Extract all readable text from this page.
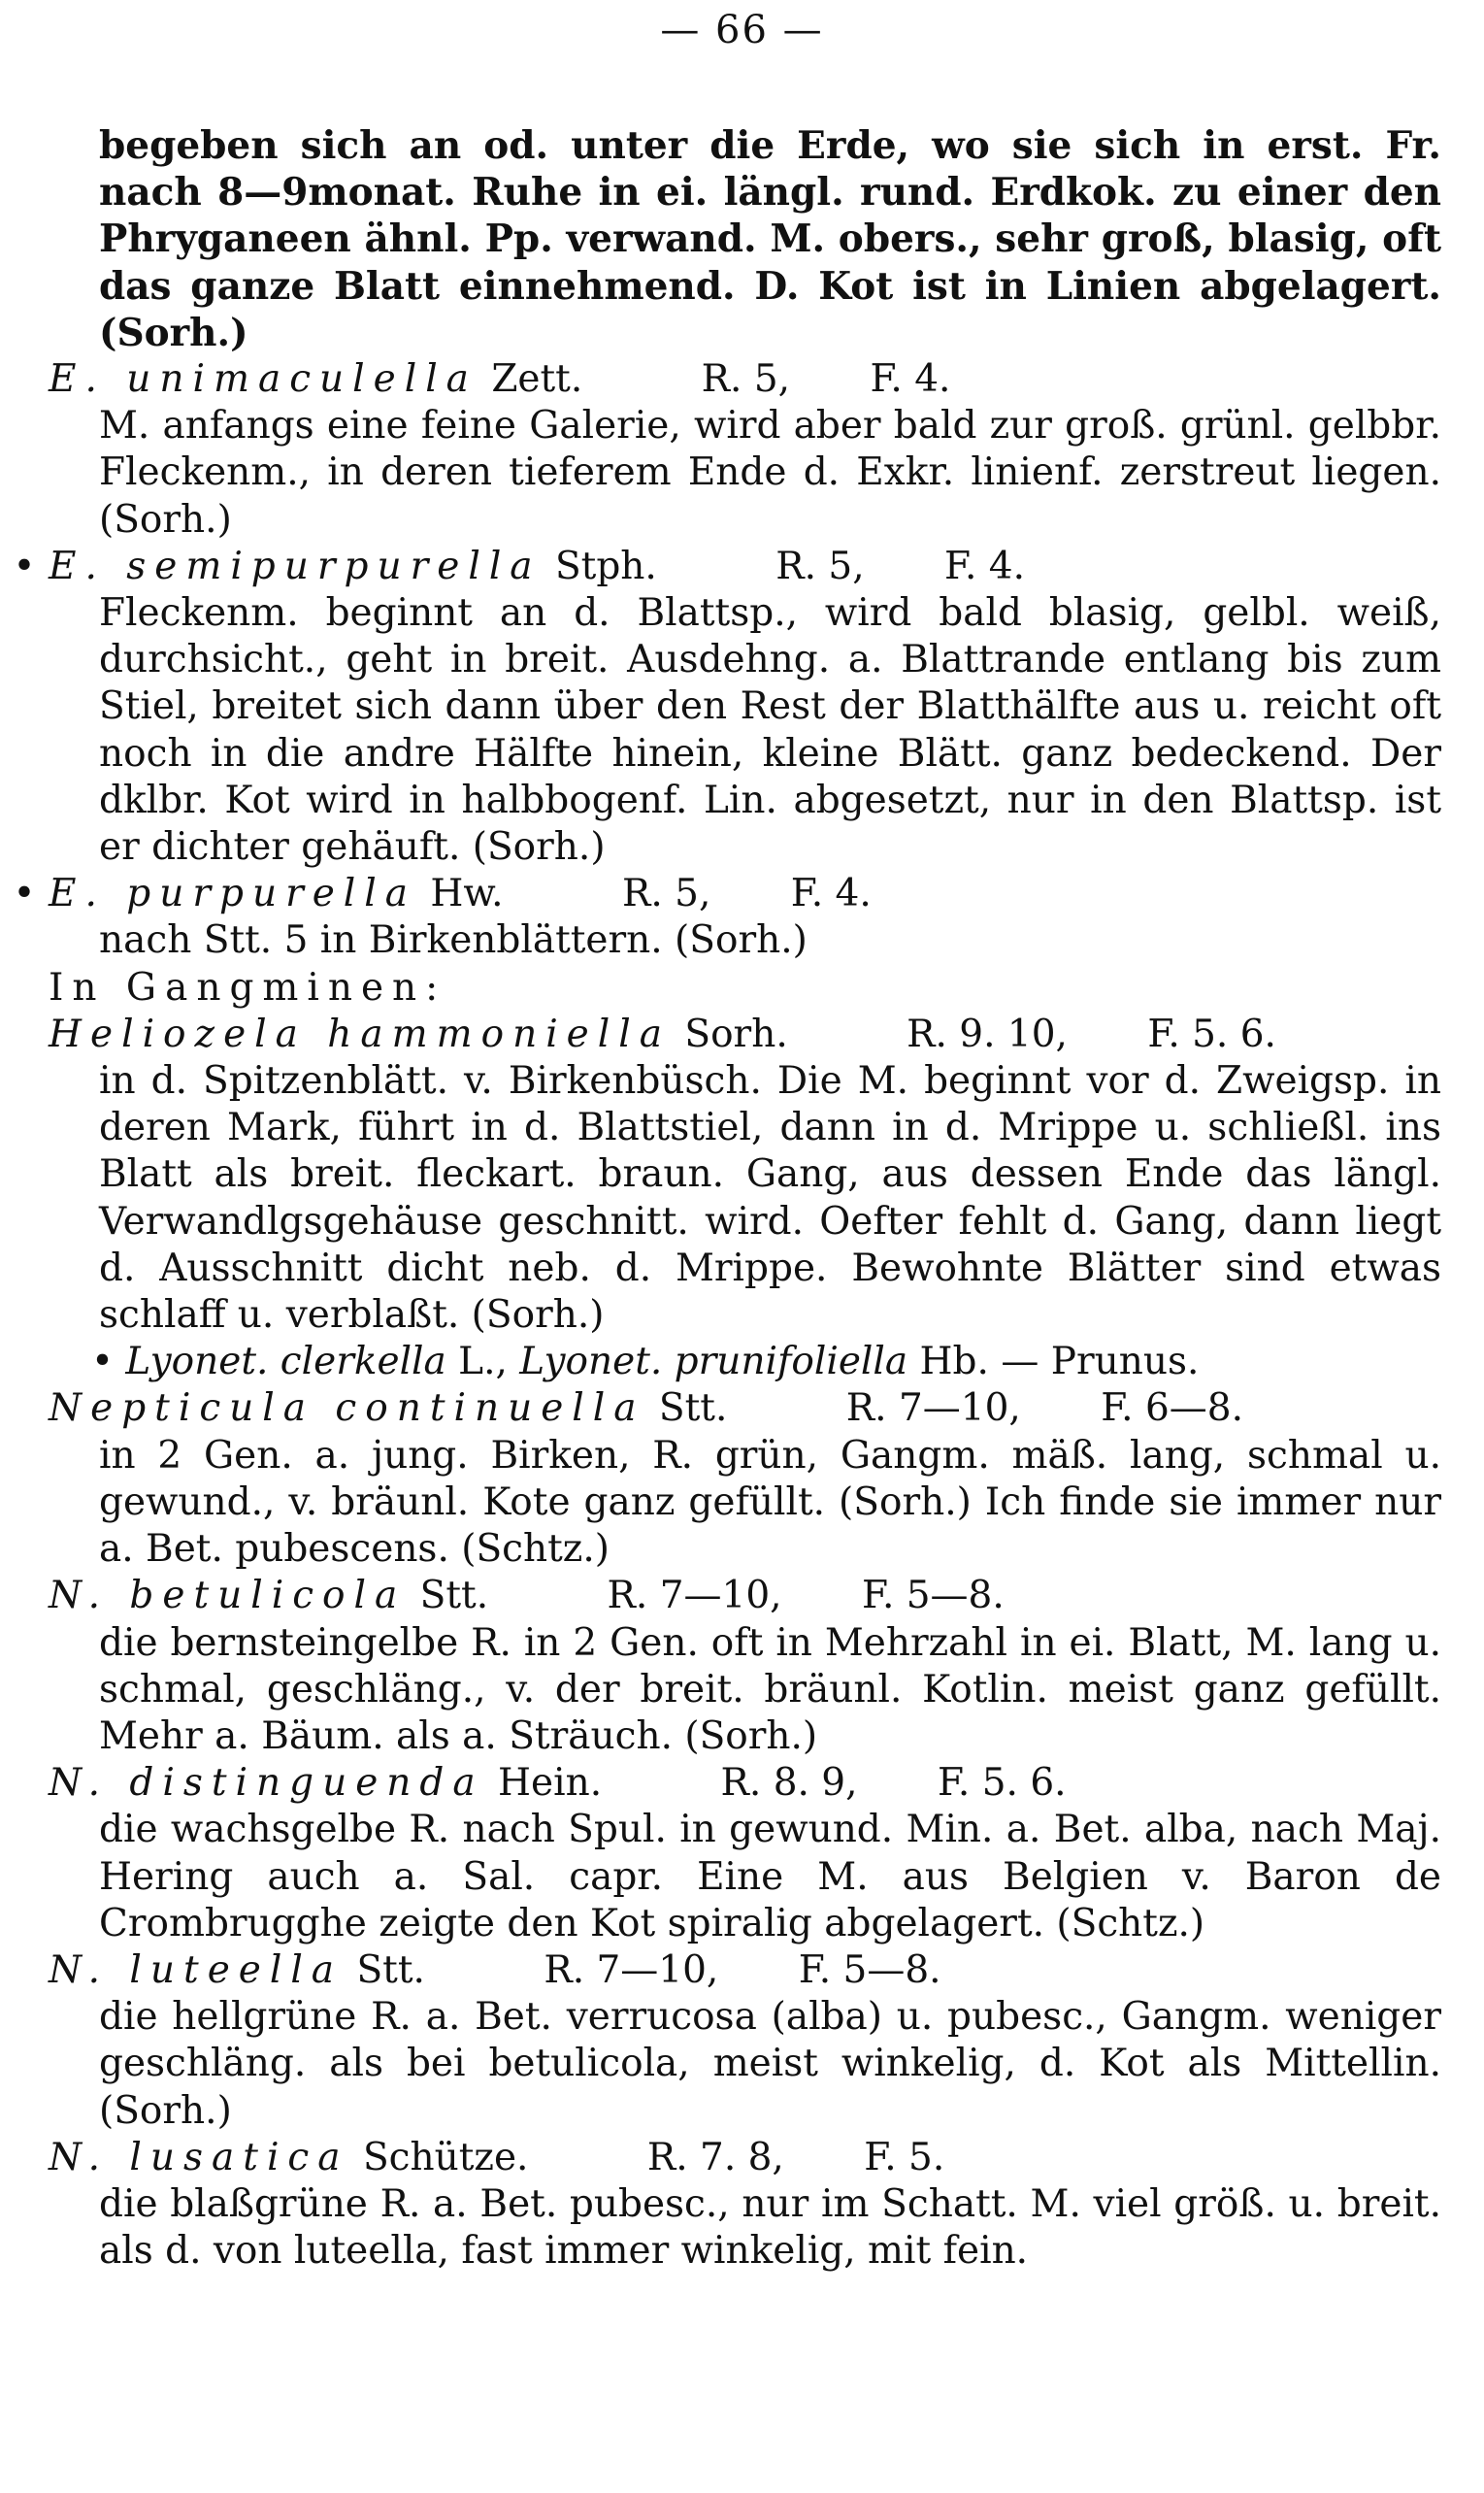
— 66 —
begeben sich an od. unter die Erde, wo sie sich in erst. Fr. nach 8—9monat. Ruhe in ei. längl. rund. Erdkok. zu einer den Phryganeen ähnl. Pp. verwand. M. obers., sehr groß, blasig, oft das ganze Blatt einnehmend. D. Kot ist in Linien abgelagert. (Sorh.)
E. unimaculella Zett.	R. 5, F. 4.
M. anfangs eine feine Galerie, wird aber bald zur groß. grünl. gelbbr. Fleckenm., in deren tieferem Ende d. Exkr. linienf. zerstreut liegen. (Sorh.)
• E. semipurpurella Stph.	R. 5, F. 4.
Fleckenm. beginnt an d. Blattsp., wird bald blasig, gelbl. weiß, durchsicht., geht in breit. Ausdehng. a. Blattrande entlang bis zum Stiel, breitet sich dann über den Rest der Blatthälfte aus u. reicht oft noch in die andre Hälfte hinein, kleine Blätt. ganz bedeckend. Der dklbr. Kot wird in halbbogenf. Lin. abgesetzt, nur in den Blattsp. ist er dichter gehäuft. (Sorh.)
• E. purpurella Hw.	R. 5, F. 4.
nach Stt. 5 in Birkenblättern. (Sorh.)
In Gangminen:
Heliozela hammoniella Sorh.	R. 9. 10, F. 5. 6.
in d. Spitzenblätt. v. Birkenbüsch. Die M. beginnt vor d. Zweigsp. in deren Mark, führt in d. Blattstiel, dann in d. Mrippe u. schließl. ins Blatt als breit. fleckart. braun. Gang, aus dessen Ende das längl. Verwandlgsgehäuse geschnitt. wird. Oefter fehlt d. Gang, dann liegt d. Ausschnitt dicht neb. d. Mrippe. Bewohnte Blätter sind etwas schlaff u. verblaßt. (Sorh.)
• Lyonet. clerkella L., Lyonet. prunifoliella Hb. — Prunus.
Nepticula continuella Stt.	R. 7—10, F. 6—8.
in 2 Gen. a. jung. Birken, R. grün, Gangm. mäß. lang, schmal u. gewund., v. bräunl. Kote ganz gefüllt. (Sorh.) Ich finde sie immer nur a. Bet. pubescens. (Schtz.)
N. betulicola Stt.	R. 7—10, F. 5—8.
die bernsteingelbe R. in 2 Gen. oft in Mehrzahl in ei. Blatt, M. lang u. schmal, geschläng., v. der breit. bräunl. Kotlin. meist ganz gefüllt. Mehr a. Bäum. als a. Sträuch. (Sorh.)
N. distinguenda Hein.	R. 8. 9, F. 5. 6.
die wachsgelbe R. nach Spul. in gewund. Min. a. Bet. alba, nach Maj. Hering auch a. Sal. capr. Eine M. aus Belgien v. Baron de Crombrugghe zeigte den Kot spiralig abgelagert. (Schtz.)
N. luteella Stt.	R. 7—10, F. 5—8.
die hellgrüne R. a. Bet. verrucosa (alba) u. pubesc., Gangm. weniger geschläng. als bei betulicola, meist winkelig, d. Kot als Mittellin. (Sorh.)
N. lusatica Schütze.	R. 7. 8, F. 5.
die blaßgrüne R. a. Bet. pubesc., nur im Schatt. M. viel größ. u. breit. als d. von luteella, fast immer winkelig, mit fein.
